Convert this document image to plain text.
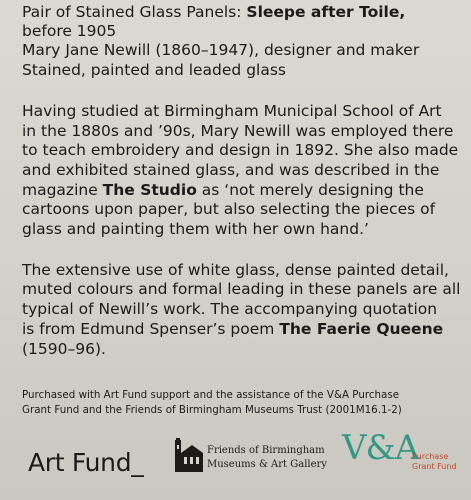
Pair of Stained Glass Panels: Sleepe after Toile,
before 1905
Mary Jane Newill (1860–1947), designer and maker
Stained, painted and leaded glass
Having studied at Birmingham Municipal School of Art
in the 1880s and ’90s, Mary Newill was employed there
to teach embroidery and design in 1892. She also made
and exhibited stained glass, and was described in the
magazine The Studio as ‘not merely designing the
cartoons upon paper, but also selecting the pieces of
glass and painting them with her own hand.’
The extensive use of white glass, dense painted detail,
muted colours and formal leading in these panels are all
typical of Newill’s work. The accompanying quotation
is from Edmund Spenser’s poem The Faerie Queene
(1590–96).
Purchased with Art Fund support and the assistance of the V&A Purchase
Grant Fund and the Friends of Birmingham Museums Trust (2001M16.1-2)
Art Fund_	Friends of Birmingham
Museums & Art Gallery V&A
Purchase
Grant Fund
